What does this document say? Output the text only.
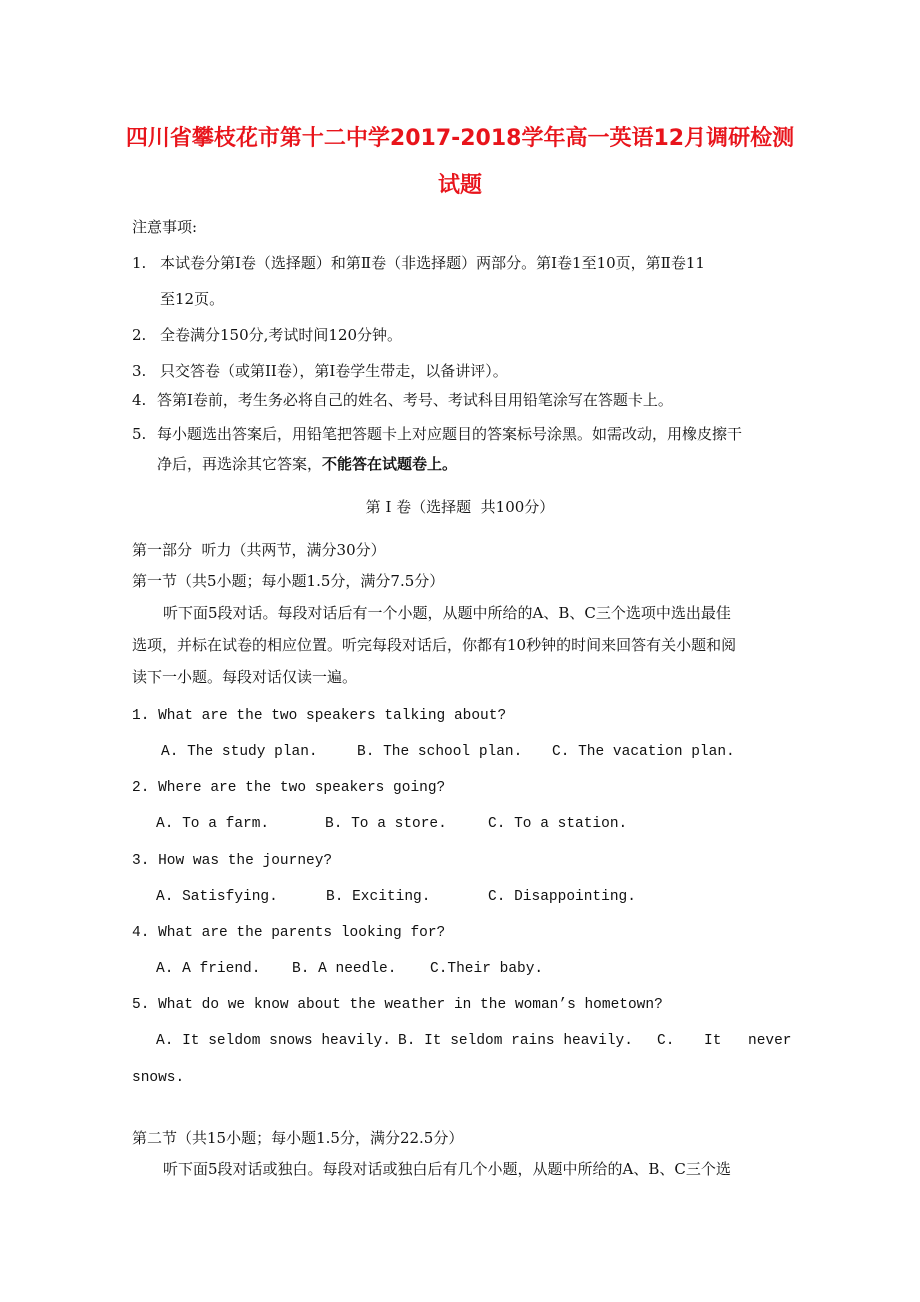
四川省攀枝花市第十二中学2017-2018学年高一英语12月调研检测
试题
注意事项:
1. 本试卷分第Ⅰ卷（选择题）和第Ⅱ卷（非选择题）两部分。第Ⅰ卷1至10页，第Ⅱ卷11
至12页。
2. 全卷满分150分,考试时间120分钟。
3. 只交答卷（或第II卷），第Ⅰ卷学生带走，以备讲评）。
4. 答第Ⅰ卷前，考生务必将自己的姓名、考号、考试科目用铅笔涂写在答题卡上。
5. 每小题选出答案后，用铅笔把答题卡上对应题目的答案标号涂黑。如需改动，用橡皮擦干
净后，再选涂其它答案，不能答在试题卷上。
第 Ⅰ 卷（选择题  共100分）
第一部分  听力（共两节，满分30分）
第一节（共5小题；每小题1.5分，满分7.5分）
听下面5段对话。每段对话后有一个小题，从题中所给的A、B、C三个选项中选出最佳
选项，并标在试卷的相应位置。听完每段对话后，你都有10秒钟的时间来回答有关小题和阅
读下一小题。每段对话仅读一遍。
1. What are the two speakers talking about?
A. The study plan.	B. The school plan. C. The vacation plan.
2. Where are the two speakers going?
A. To a farm.	B. To a store.	C. To a station.
3. How was the journey?
A. Satisfying.	B. Exciting.	C. Disappointing.
4. What are the parents looking for?
A. A friend. B. A needle. C.Their baby.
5. What do we know about the weather in the woman’s hometown?
A. It seldom snows heavily. B. It seldom rains heavily. C. It never
snows.
第二节（共15小题；每小题1.5分，满分22.5分）
听下面5段对话或独白。每段对话或独白后有几个小题，从题中所给的A、B、C三个选
